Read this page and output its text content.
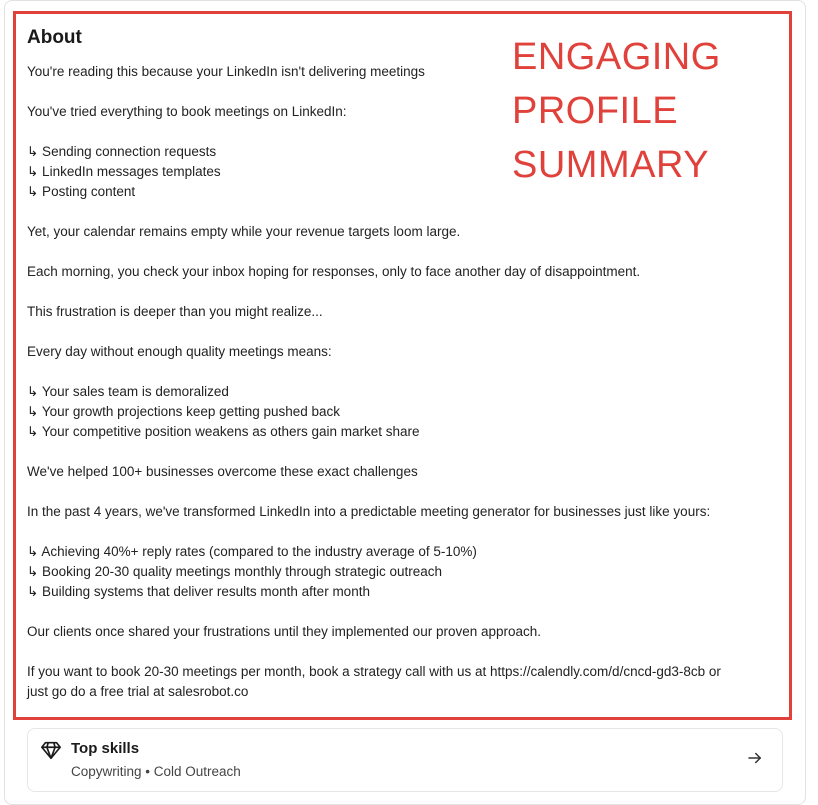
About	ENGAGING
PROFILE
SUMMARY
You're reading this because your LinkedIn isn't delivering meetings
You've tried everything to book meetings on LinkedIn:
↳ Sending connection requests
↳ LinkedIn messages templates
↳ Posting content
Yet, your calendar remains empty while your revenue targets loom large.
Each morning, you check your inbox hoping for responses, only to face another day of disappointment.
This frustration is deeper than you might realize...
Every day without enough quality meetings means:
↳ Your sales team is demoralized
↳ Your growth projections keep getting pushed back
↳ Your competitive position weakens as others gain market share
We've helped 100+ businesses overcome these exact challenges
In the past 4 years, we've transformed LinkedIn into a predictable meeting generator for businesses just like yours:
↳ Achieving 40%+ reply rates (compared to the industry average of 5-10%)
↳ Booking 20-30 quality meetings monthly through strategic outreach
↳ Building systems that deliver results month after month
Our clients once shared your frustrations until they implemented our proven approach.
If you want to book 20-30 meetings per month, book a strategy call with us at https://calendly.com/d/cncd-gd3-8cb or
just go do a free trial at salesrobot.co
Top skills
Copywriting • Cold Outreach
